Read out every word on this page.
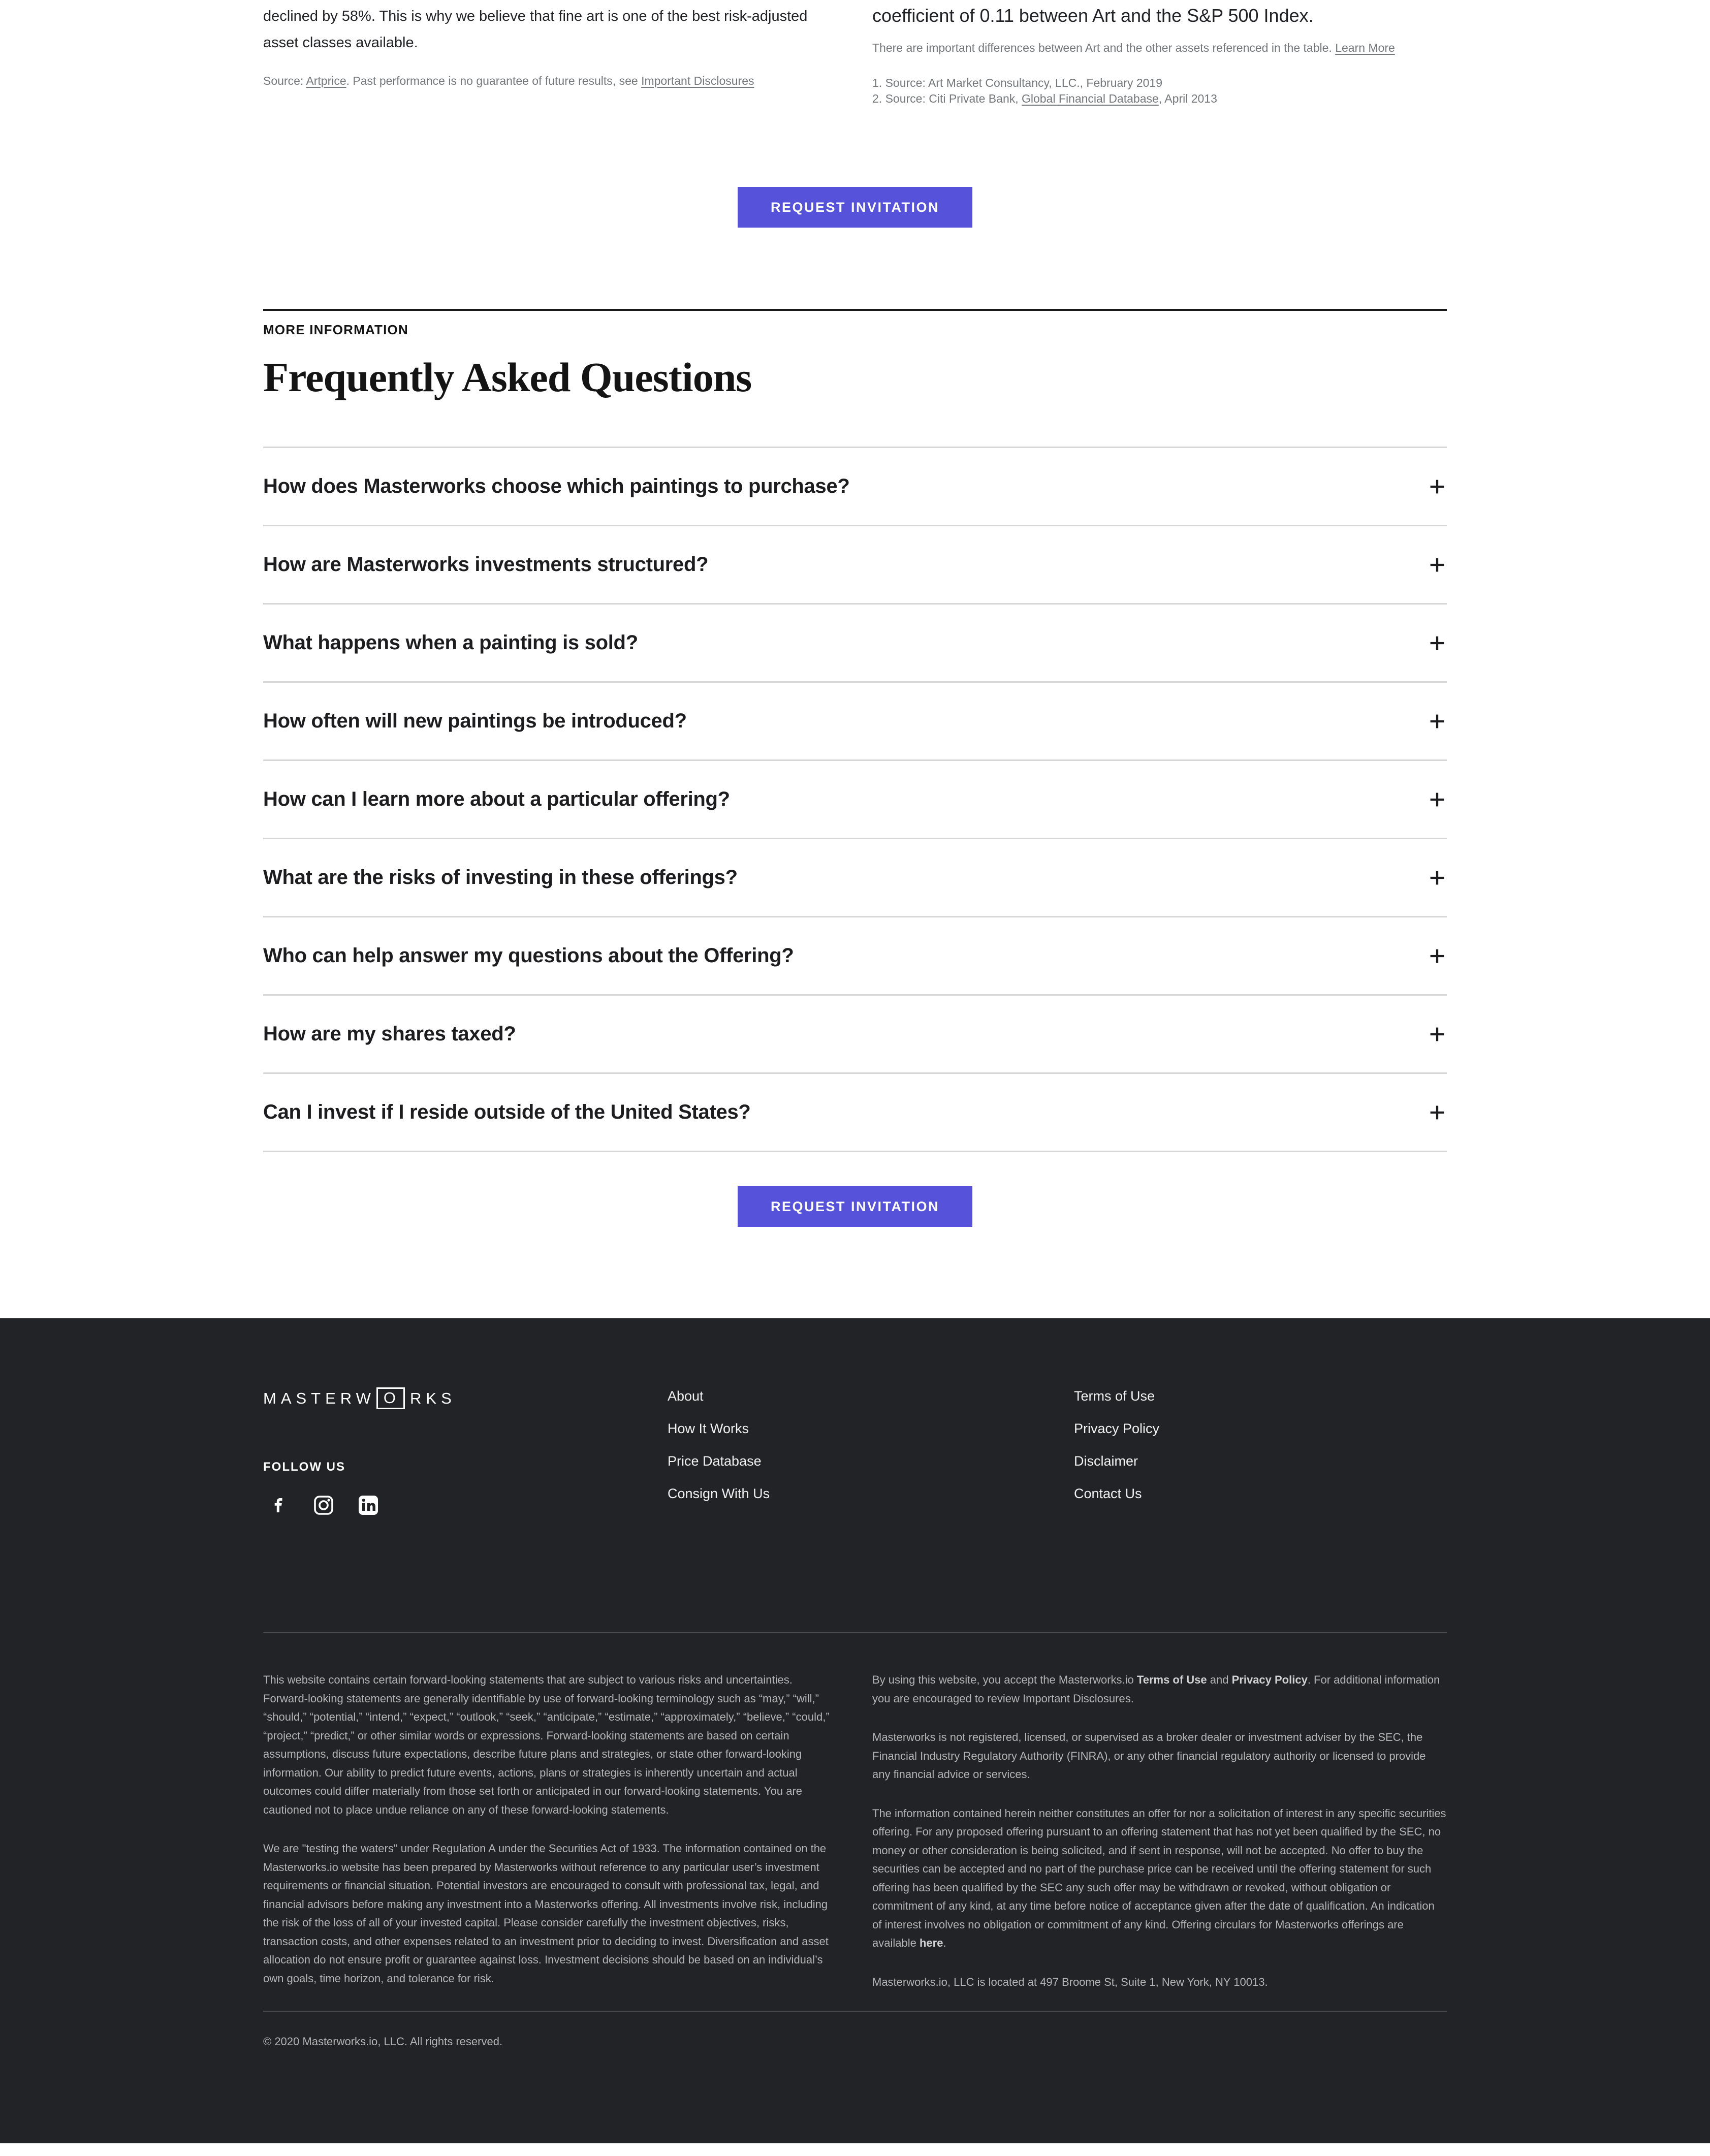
declined by 58%. This is why we believe that fine art is one of the best risk-adjusted asset classes available.

Source: Artprice. Past performance is no guarantee of future results, see Important Disclosures

coefficient of 0.11 between Art and the S&P 500 Index.

There are important differences between Art and the other assets referenced in the table. Learn More

1. Source: Art Market Consultancy, LLC., February 2019
2. Source: Citi Private Bank, Global Financial Database, April 2013

REQUEST INVITATION
MORE INFORMATION
Frequently Asked Questions
How does Masterworks choose which paintings to purchase?
How are Masterworks investments structured?
What happens when a painting is sold?
How often will new paintings be introduced?
How can I learn more about a particular offering?
What are the risks of investing in these offerings?
Who can help answer my questions about the Offering?
How are my shares taxed?
Can I invest if I reside outside of the United States?
REQUEST INVITATION
MASTERW O RKS
FOLLOW US
About
How It Works
Price Database
Consign With Us
Terms of Use
Privacy Policy
Disclaimer
Contact Us

This website contains certain forward-looking statements that are subject to various risks and uncertainties. Forward-looking statements are generally identifiable by use of forward-looking terminology such as “may,” “will,” “should,” “potential,” “intend,” “expect,” “outlook,” “seek,” “anticipate,” “estimate,” “approximately,” “believe,” “could,” “project,” “predict,” or other similar words or expressions. Forward-looking statements are based on certain assumptions, discuss future expectations, describe future plans and strategies, or state other forward-looking information. Our ability to predict future events, actions, plans or strategies is inherently uncertain and actual outcomes could differ materially from those set forth or anticipated in our forward-looking statements. You are cautioned not to place undue reliance on any of these forward-looking statements.

We are "testing the waters" under Regulation A under the Securities Act of 1933. The information contained on the Masterworks.io website has been prepared by Masterworks without reference to any particular user’s investment requirements or financial situation. Potential investors are encouraged to consult with professional tax, legal, and financial advisors before making any investment into a Masterworks offering. All investments involve risk, including the risk of the loss of all of your invested capital. Please consider carefully the investment objectives, risks, transaction costs, and other expenses related to an investment prior to deciding to invest. Diversification and asset allocation do not ensure profit or guarantee against loss. Investment decisions should be based on an individual’s own goals, time horizon, and tolerance for risk.

By using this website, you accept the Masterworks.io Terms of Use and Privacy Policy. For additional information you are encouraged to review Important Disclosures.

Masterworks is not registered, licensed, or supervised as a broker dealer or investment adviser by the SEC, the Financial Industry Regulatory Authority (FINRA), or any other financial regulatory authority or licensed to provide any financial advice or services.

The information contained herein neither constitutes an offer for nor a solicitation of interest in any specific securities offering. For any proposed offering pursuant to an offering statement that has not yet been qualified by the SEC, no money or other consideration is being solicited, and if sent in response, will not be accepted. No offer to buy the securities can be accepted and no part of the purchase price can be received until the offering statement for such offering has been qualified by the SEC any such offer may be withdrawn or revoked, without obligation or commitment of any kind, at any time before notice of acceptance given after the date of qualification. An indication of interest involves no obligation or commitment of any kind. Offering circulars for Masterworks offerings are available here.

Masterworks.io, LLC is located at 497 Broome St, Suite 1, New York, NY 10013.

© 2020 Masterworks.io, LLC. All rights reserved.
